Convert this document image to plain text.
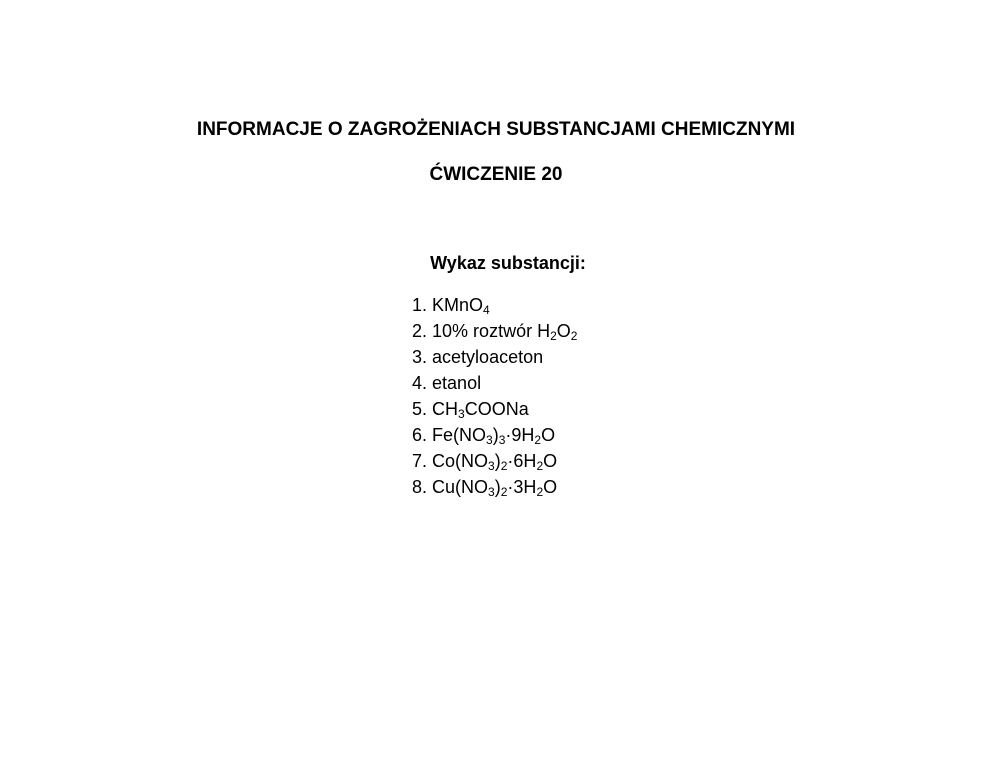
INFORMACJE O ZAGROŻENIACH SUBSTANCJAMI CHEMICZNYMI
ĆWICZENIE 20
Wykaz substancji:
1. KMnO$_4$
2. 10% roztwór $H_2O_2$
3. acetyloaceton
4. etanol
5. $CH_3COONa$
6. $Fe(NO_3)_3\cdot 9H_2O$
7. $Co(NO_3)_2\cdot 6H_2O$
8. $Cu(NO_3)_2\cdot 3H_2O$
